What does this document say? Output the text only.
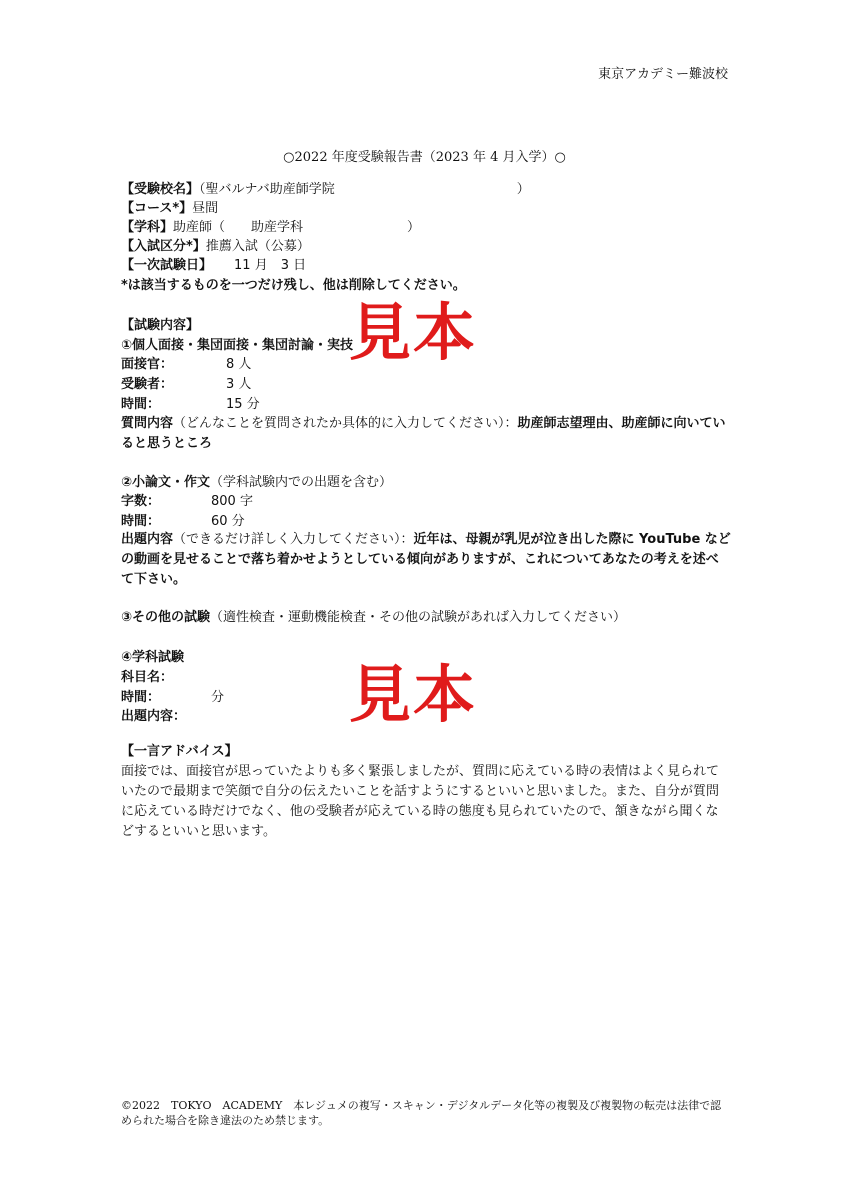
東京アカデミー難波校
○2022 年度受験報告書（2023 年 4 月入学）○
【受験校名】（聖バルナバ助産師学院　　　　　　　　　　　　　　）
【コース*】昼間
【学科】助産師（　　助産学科　　　　　　　　）
【入試区分*】推薦入試（公募）
【一次試験日】 11 月　3 日
*は該当するものを一つだけ残し、他は削除してください。
【試験内容】
①個人面接・集団面接・集団討論・実技
面接官：	8 人
受験者：	3 人
時間：	15 分
質問内容（どんなことを質問されたか具体的に入力してください）：助産師志望理由、助産師に向いていると思うところ
②小論文・作文（学科試験内での出題を含む）
字数：	800 字
時間：	60 分
出題内容（できるだけ詳しく入力してください）：近年は、母親が乳児が泣き出した際に YouTube などの動画を見せることで落ち着かせようとしている傾向がありますが、これについてあなたの考えを述べて下さい。
③その他の試験（適性検査・運動機能検査・その他の試験があれば入力してください）
④学科試験
科目名：
時間：	分
出題内容：
【一言アドバイス】
面接では、面接官が思っていたよりも多く緊張しましたが、質問に応えている時の表情はよく見られていたので最期まで笑顔で自分の伝えたいことを話すようにするといいと思いました。また、自分が質問に応えている時だけでなく、他の受験者が応えている時の態度も見られていたので、頷きながら聞くなどするといいと思います。
見本
見本
©2022　TOKYO　ACADEMY　本レジュメの複写・スキャン・デジタルデータ化等の複製及び複製物の転売は法律で認められた場合を除き違法のため禁じます。
